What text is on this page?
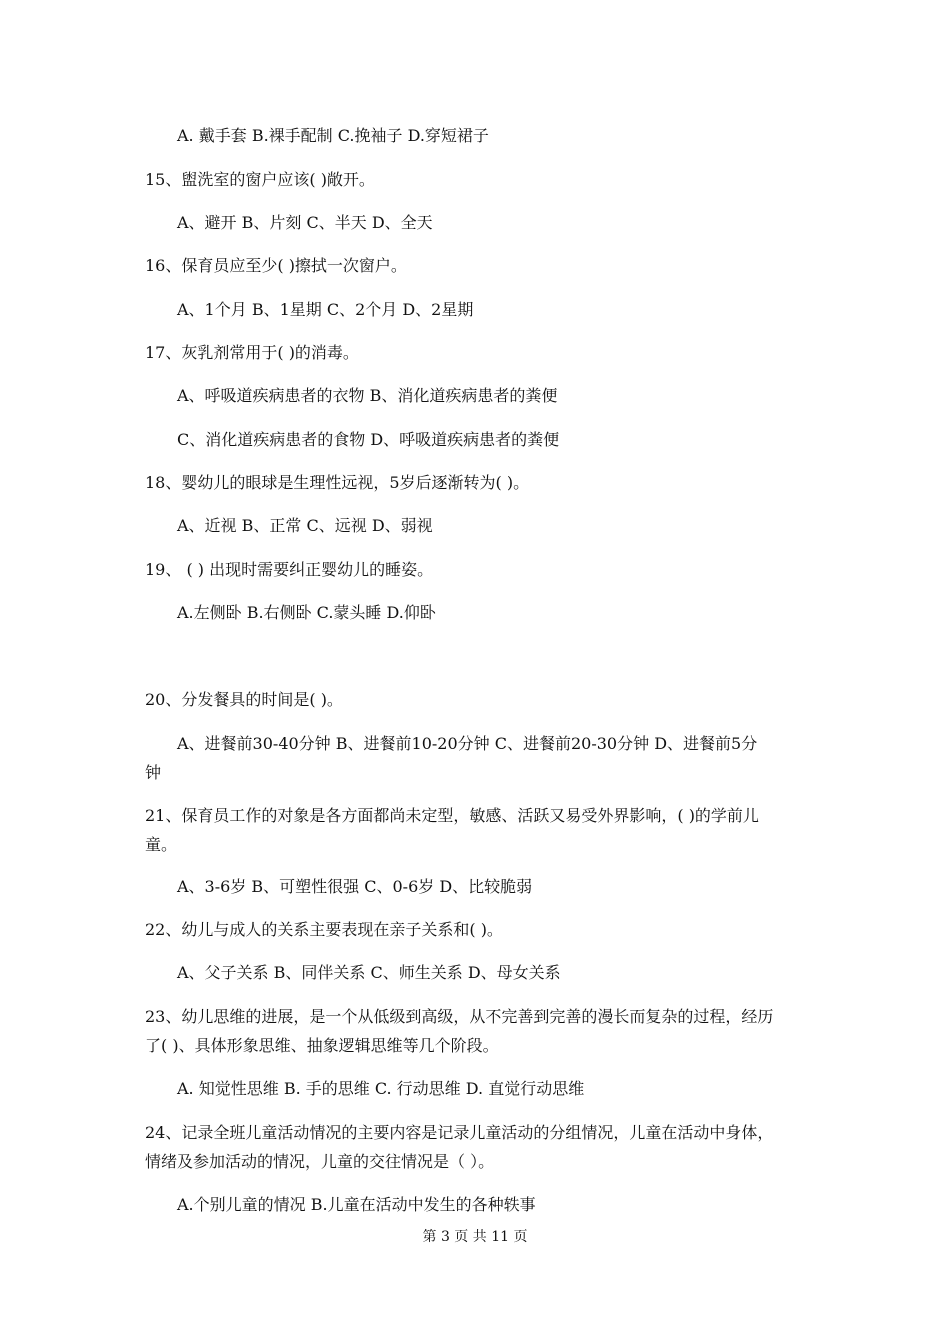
A. 戴手套 B.裸手配制 C.挽袖子 D.穿短裙子
15、盥洗室的窗户应该( )敞开。
A、避开 B、片刻 C、半天 D、全天
16、保育员应至少( )擦拭一次窗户。
A、1个月 B、1星期 C、2个月 D、2星期
17、灰乳剂常用于( )的消毒。
A、呼吸道疾病患者的衣物 B、消化道疾病患者的粪便
C、消化道疾病患者的食物 D、呼吸道疾病患者的粪便
18、婴幼儿的眼球是生理性远视，5岁后逐渐转为( )。
A、近视 B、正常 C、远视 D、弱视
19、 ( ) 出现时需要纠正婴幼儿的睡姿。
A.左侧卧 B.右侧卧 C.蒙头睡 D.仰卧
20、分发餐具的时间是( )。
A、进餐前30-40分钟 B、进餐前10-20分钟 C、进餐前20-30分钟 D、进餐前5分
钟
21、保育员工作的对象是各方面都尚未定型，敏感、活跃又易受外界影响，( )的学前儿
童。
A、3-6岁 B、可塑性很强 C、0-6岁 D、比较脆弱
22、幼儿与成人的关系主要表现在亲子关系和( )。
A、父子关系 B、同伴关系 C、师生关系 D、母女关系
23、幼儿思维的进展，是一个从低级到高级，从不完善到完善的漫长而复杂的过程，经历
了( )、具体形象思维、抽象逻辑思维等几个阶段。
A. 知觉性思维 B. 手的思维 C. 行动思维 D. 直觉行动思维
24、记录全班儿童活动情况的主要内容是记录儿童活动的分组情况，儿童在活动中身体，
情绪及参加活动的情况，儿童的交往情况是（ ）。
A.个别儿童的情况 B.儿童在活动中发生的各种轶事
第 3 页 共 11 页
